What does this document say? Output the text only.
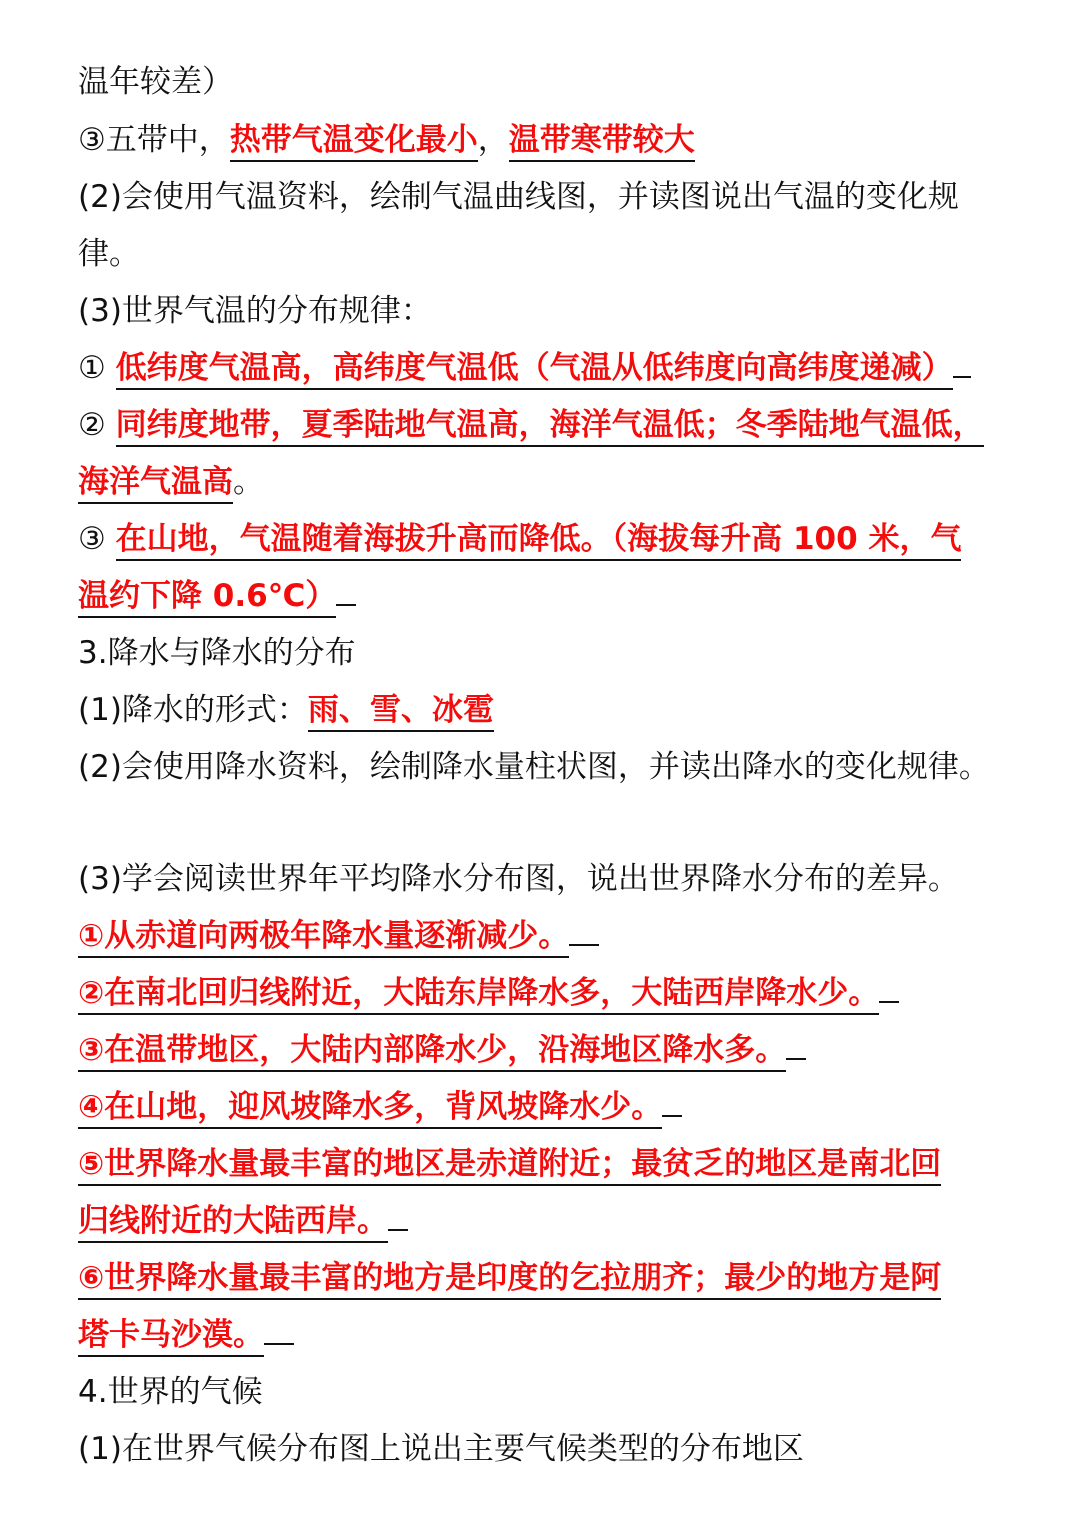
温年较差）
③五带中，热带气温变化最小，温带寒带较大
(2)会使用气温资料，绘制气温曲线图，并读图说出气温的变化规
律。
(3)世界气温的分布规律：
① 低纬度气温高，高纬度气温低（气温从低纬度向高纬度递减）
② 同纬度地带，夏季陆地气温高，海洋气温低；冬季陆地气温低，
海洋气温高。
③ 在山地，气温随着海拔升高而降低。（海拔每升高 100 米，气
温约下降 0.6℃）
3.降水与降水的分布
(1)降水的形式：雨、雪、冰雹
(2)会使用降水资料，绘制降水量柱状图，并读出降水的变化规律。
(3)学会阅读世界年平均降水分布图，说出世界降水分布的差异。
①从赤道向两极年降水量逐渐减少。
②在南北回归线附近，大陆东岸降水多，大陆西岸降水少。
③在温带地区，大陆内部降水少，沿海地区降水多。
④在山地，迎风坡降水多，背风坡降水少。
⑤世界降水量最丰富的地区是赤道附近；最贫乏的地区是南北回
归线附近的大陆西岸。
⑥世界降水量最丰富的地方是印度的乞拉朋齐；最少的地方是阿
塔卡马沙漠。
4.世界的气候
(1)在世界气候分布图上说出主要气候类型的分布地区
